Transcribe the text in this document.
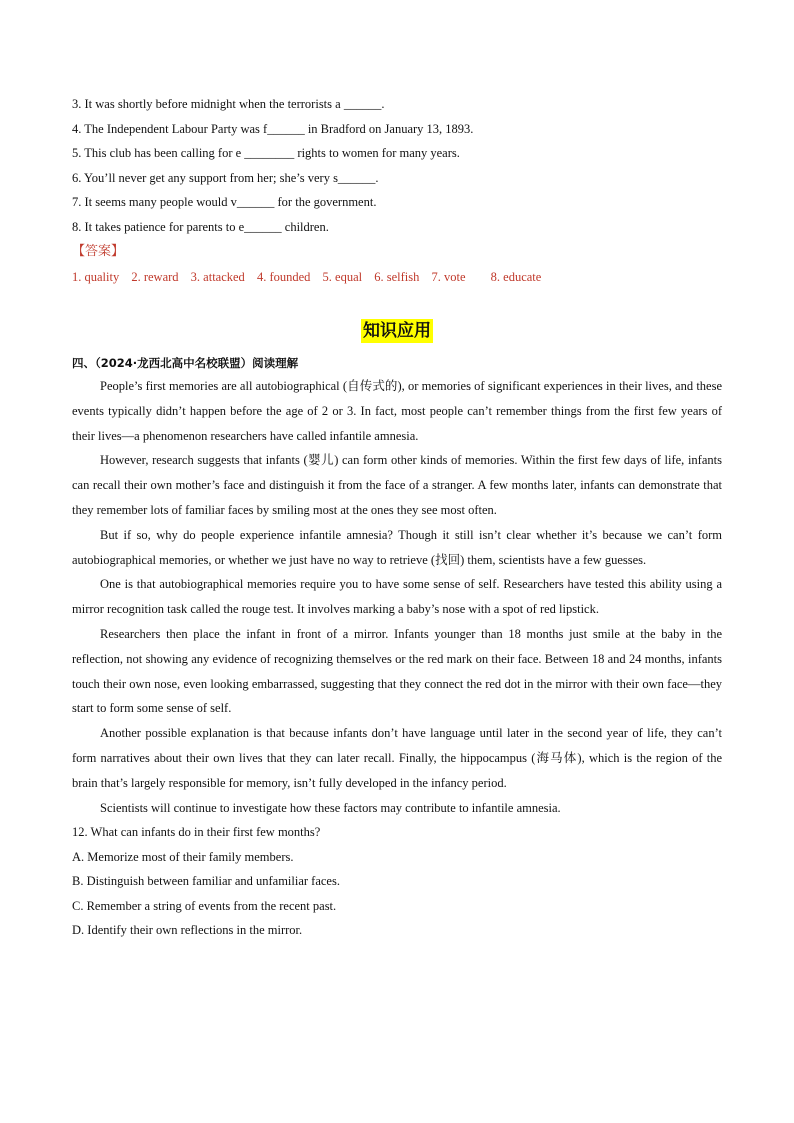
3. It was shortly before midnight when the terrorists a ______.
4. The Independent Labour Party was f______ in Bradford on January 13, 1893.
5. This club has been calling for e ________ rights to women for many years.
6. You’ll never get any support from her; she’s very s______.
7. It seems many people would v______ for the government.
8. It takes patience for parents to e______ children.
【答案】
1. quality 2. reward 3. attacked 4. founded 5. equal 6. selfish 7. vote 8. educate
知识应用
四、（2024·龙西北高中名校联盟）阅读理解

People’s first memories are all autobiographical (自传式的), or memories of significant experiences in their lives, and these events typically didn’t happen before the age of 2 or 3. In fact, most people can’t remember things from the first few years of their lives—a phenomenon researchers have called infantile amnesia.

However, research suggests that infants (婴儿) can form other kinds of memories. Within the first few days of life, infants can recall their own mother’s face and distinguish it from the face of a stranger. A few months later, infants can demonstrate that they remember lots of familiar faces by smiling most at the ones they see most often.

But if so, why do people experience infantile amnesia? Though it still isn’t clear whether it’s because we can’t form autobiographical memories, or whether we just have no way to retrieve (找回) them, scientists have a few guesses.

One is that autobiographical memories require you to have some sense of self. Researchers have tested this ability using a mirror recognition task called the rouge test. It involves marking a baby’s nose with a spot of red lipstick.

Researchers then place the infant in front of a mirror. Infants younger than 18 months just smile at the baby in the reflection, not showing any evidence of recognizing themselves or the red mark on their face. Between 18 and 24 months, infants touch their own nose, even looking embarrassed, suggesting that they connect the red dot in the mirror with their own face—they start to form some sense of self.

Another possible explanation is that because infants don’t have language until later in the second year of life, they can’t form narratives about their own lives that they can later recall. Finally, the hippocampus (海马体), which is the region of the brain that’s largely responsible for memory, isn’t fully developed in the infancy period.

Scientists will continue to investigate how these factors may contribute to infantile amnesia.

12. What can infants do in their first few months?

A. Memorize most of their family members.

B. Distinguish between familiar and unfamiliar faces.

C. Remember a string of events from the recent past.

D. Identify their own reflections in the mirror.
